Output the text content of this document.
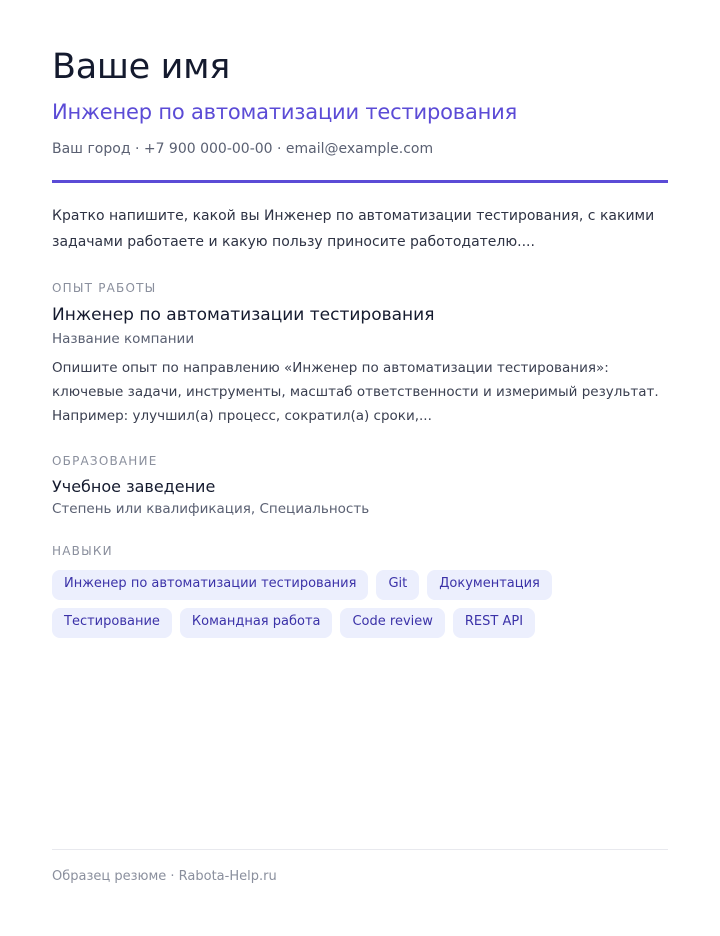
Ваше имя
Инженер по автоматизации тестирования
Ваш город · +7 900 000-00-00 · email@example.com

Кратко напишите, какой вы Инженер по автоматизации тестирования, с какими задачами работаете и какую пользу приносите работодателю....

ОПЫТ РАБОТЫ
Инженер по автоматизации тестирования
Название компании

Опишите опыт по направлению «Инженер по автоматизации тестирования»: ключевые задачи, инструменты, масштаб ответственности и измеримый результат. Например: улучшил(а) процесс, сократил(а) сроки,...

ОБРАЗОВАНИЕ
Учебное заведение
Степень или квалификация, Специальность
НАВЫКИ
Инженер по автоматизации тестирования	Git	Документация
Тестирование	Командная работа	Code review	REST API
Образец резюме · Rabota-Help.ru
